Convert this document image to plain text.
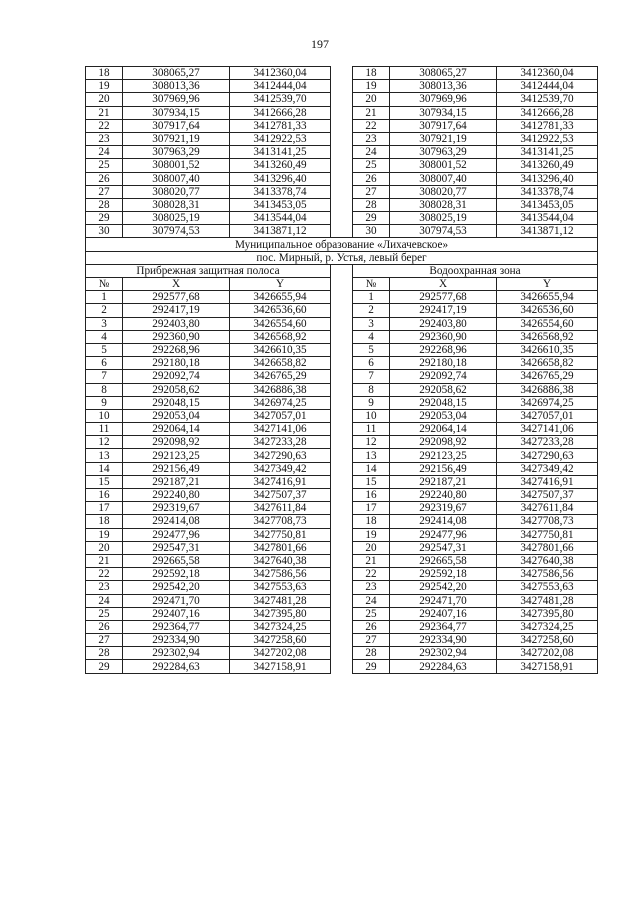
197
18	308065,27	3412360,04		18	308065,27	3412360,04
19	308013,36	3412444,04		19	308013,36	3412444,04
20	307969,96	3412539,70		20	307969,96	3412539,70
21	307934,15	3412666,28		21	307934,15	3412666,28
22	307917,64	3412781,33		22	307917,64	3412781,33
23	307921,19	3412922,53		23	307921,19	3412922,53
24	307963,29	3413141,25		24	307963,29	3413141,25
25	308001,52	3413260,49		25	308001,52	3413260,49
26	308007,40	3413296,40		26	308007,40	3413296,40
27	308020,77	3413378,74		27	308020,77	3413378,74
28	308028,31	3413453,05		28	308028,31	3413453,05
29	308025,19	3413544,04		29	308025,19	3413544,04
30	307974,53	3413871,12		30	307974,53	3413871,12
Муниципальное образование «Лихачевское»						
пос. Мирный, р. Устья, левый берег						
Прибрежная защитная полоса				Водоохранная зона		
№	X	Y		№	X	Y
1	292577,68	3426655,94		1	292577,68	3426655,94
2	292417,19	3426536,60		2	292417,19	3426536,60
3	292403,80	3426554,60		3	292403,80	3426554,60
4	292360,90	3426568,92		4	292360,90	3426568,92
5	292268,96	3426610,35		5	292268,96	3426610,35
6	292180,18	3426658,82		6	292180,18	3426658,82
7	292092,74	3426765,29		7	292092,74	3426765,29
8	292058,62	3426886,38		8	292058,62	3426886,38
9	292048,15	3426974,25		9	292048,15	3426974,25
10	292053,04	3427057,01		10	292053,04	3427057,01
11	292064,14	3427141,06		11	292064,14	3427141,06
12	292098,92	3427233,28		12	292098,92	3427233,28
13	292123,25	3427290,63		13	292123,25	3427290,63
14	292156,49	3427349,42		14	292156,49	3427349,42
15	292187,21	3427416,91		15	292187,21	3427416,91
16	292240,80	3427507,37		16	292240,80	3427507,37
17	292319,67	3427611,84		17	292319,67	3427611,84
18	292414,08	3427708,73		18	292414,08	3427708,73
19	292477,96	3427750,81		19	292477,96	3427750,81
20	292547,31	3427801,66		20	292547,31	3427801,66
21	292665,58	3427640,38		21	292665,58	3427640,38
22	292592,18	3427586,56		22	292592,18	3427586,56
23	292542,20	3427553,63		23	292542,20	3427553,63
24	292471,70	3427481,28		24	292471,70	3427481,28
25	292407,16	3427395,80		25	292407,16	3427395,80
26	292364,77	3427324,25		26	292364,77	3427324,25
27	292334,90	3427258,60		27	292334,90	3427258,60
28	292302,94	3427202,08		28	292302,94	3427202,08
29	292284,63	3427158,91		29	292284,63	3427158,91
